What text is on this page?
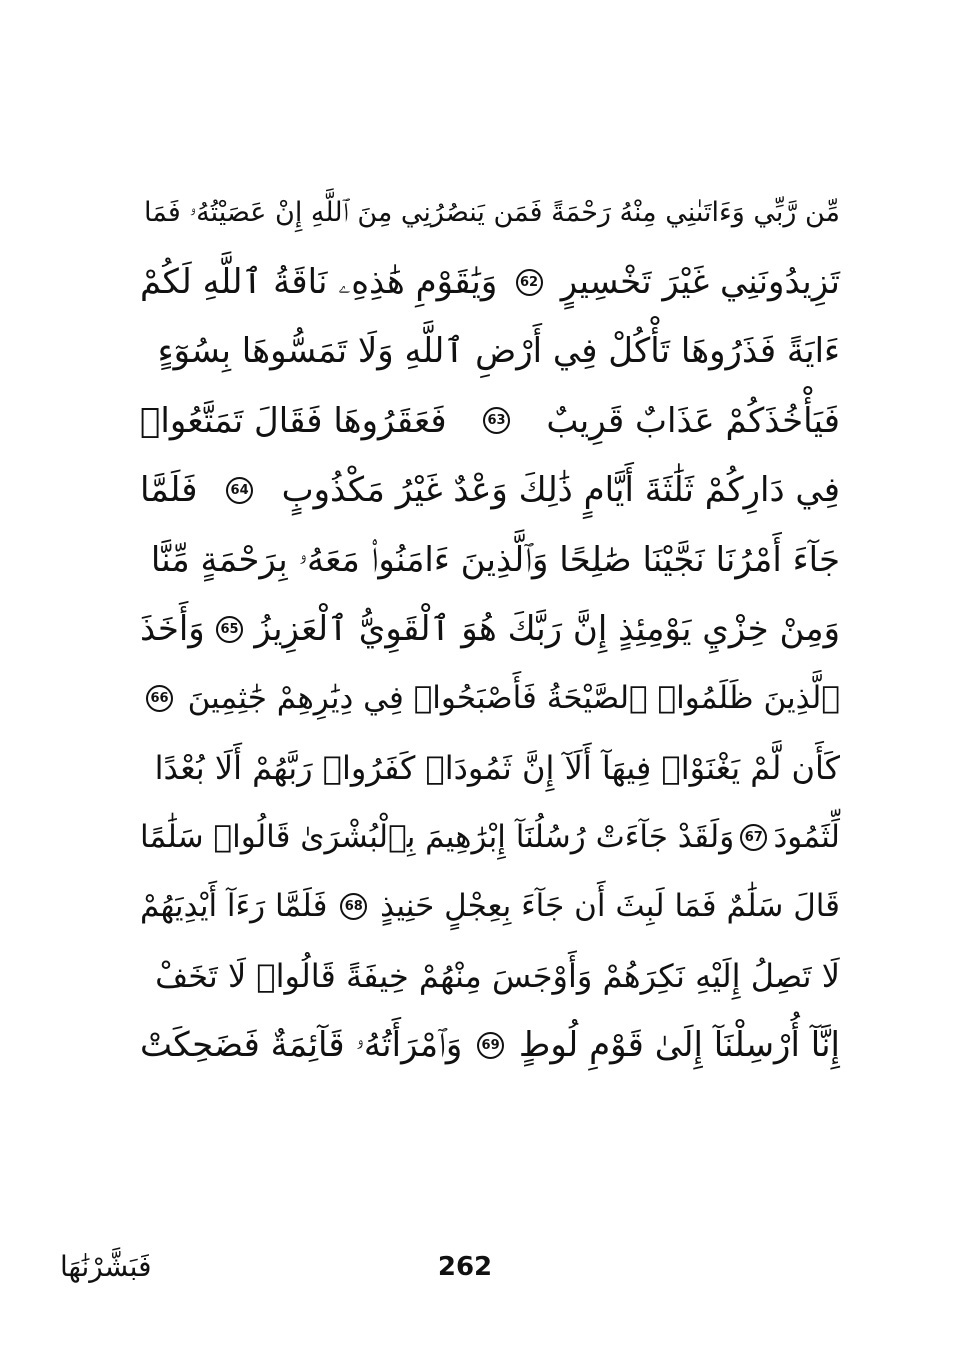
مِّن رَّبِّي وَءَاتَىٰنِي مِنْهُ رَحْمَةً فَمَن يَنصُرُنِي مِنَ ٱللَّهِ إِنْ عَصَيْتُهُۥ فَمَا
تَزِيدُونَنِي غَيْرَ تَخْسِيرٍ
62
وَيَٰقَوْمِ هَٰذِهِۦ نَاقَةُ ٱللَّهِ لَكُمْ
ءَايَةً فَذَرُوهَا تَأْكُلْ فِي أَرْضِ ٱللَّهِ وَلَا تَمَسُّوهَا بِسُوٓءٍ
فَيَأْخُذَكُمْ عَذَابٌ قَرِيبٌ
63
فَعَقَرُوهَا فَقَالَ تَمَتَّعُوا۟
فِي دَارِكُمْ ثَلَٰثَةَ أَيَّامٍ ذَٰلِكَ وَعْدٌ غَيْرُ مَكْذُوبٍ
64
فَلَمَّا
جَآءَ أَمْرُنَا نَجَّيْنَا صَٰلِحًا وَٱلَّذِينَ ءَامَنُوا۟ مَعَهُۥ بِرَحْمَةٍ مِّنَّا
وَمِنْ خِزْيِ يَوْمِئِذٍ إِنَّ رَبَّكَ هُوَ ٱلْقَوِيُّ ٱلْعَزِيزُ
65
وَأَخَذَ
ٱلَّذِينَ ظَلَمُوا۟ ٱلصَّيْحَةُ فَأَصْبَحُوا۟ فِي دِيَٰرِهِمْ جَٰثِمِينَ
66
كَأَن لَّمْ يَغْنَوْا۟ فِيهَآ أَلَآ إِنَّ ثَمُودَا۟ كَفَرُوا۟ رَبَّهُمْ أَلَا بُعْدًا
لِّثَمُودَ
67
وَلَقَدْ جَآءَتْ رُسُلُنَآ إِبْرَٰهِيمَ بِٱلْبُشْرَىٰ قَالُوا۟ سَلَٰمًا
قَالَ سَلَٰمٌ فَمَا لَبِثَ أَن جَآءَ بِعِجْلٍ حَنِيذٍ
68
فَلَمَّا رَءَآ أَيْدِيَهُمْ
لَا تَصِلُ إِلَيْهِ نَكِرَهُمْ وَأَوْجَسَ مِنْهُمْ خِيفَةً قَالُوا۟ لَا تَخَفْ
إِنَّآ أُرْسِلْنَآ إِلَىٰ قَوْمِ لُوطٍ
69
وَٱمْرَأَتُهُۥ قَآئِمَةٌ فَضَحِكَتْ
فَبَشَّرْنَٰهَا	262
